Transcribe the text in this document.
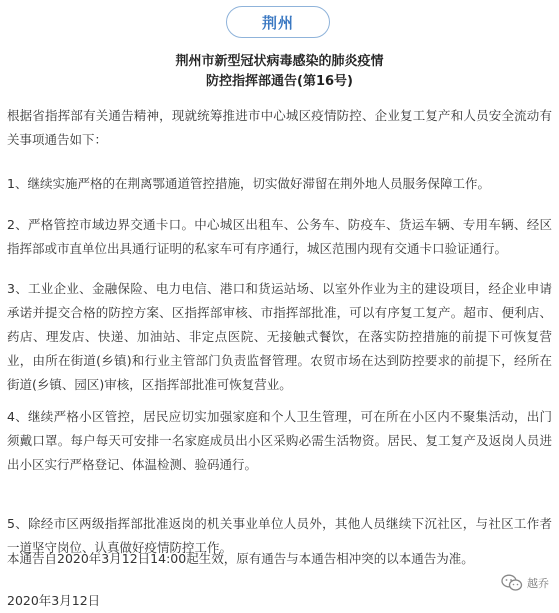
荆州
荆州市新型冠状病毒感染的肺炎疫情
防控指挥部通告(第16号)

根据省指挥部有关通告精神，现就统筹推进市中心城区疫情防控、企业复工复产和人员安全流动有关事项通告如下：

1、继续实施严格的在荆离鄂通道管控措施，切实做好滞留在荆外地人员服务保障工作。

2、严格管控市域边界交通卡口。中心城区出租车、公务车、防疫车、货运车辆、专用车辆、经区指挥部或市直单位出具通行证明的私家车可有序通行，城区范围内现有交通卡口验证通行。

3、工业企业、金融保险、电力电信、港口和货运站场、以室外作业为主的建设项目，经企业申请承诺并提交合格的防控方案、区指挥部审核、市指挥部批准，可以有序复工复产。超市、便利店、药店、理发店、快递、加油站、非定点医院、无接触式餐饮，在落实防控措施的前提下可恢复营业，由所在街道(乡镇)和行业主管部门负责监督管理。农贸市场在达到防控要求的前提下，经所在街道(乡镇、园区)审核，区指挥部批准可恢复营业。

4、继续严格小区管控，居民应切实加强家庭和个人卫生管理，可在所在小区内不聚集活动，出门须戴口罩。每户每天可安排一名家庭成员出小区采购必需生活物资。居民、复工复产及返岗人员进出小区实行严格登记、体温检测、验码通行。

5、除经市区两级指挥部批准返岗的机关事业单位人员外，其他人员继续下沉社区，与社区工作者一道坚守岗位、认真做好疫情防控工作。

本通告自2020年3月12日14:00起生效，原有通告与本通告相冲突的以本通告为准。

2020年3月12日
越乔
